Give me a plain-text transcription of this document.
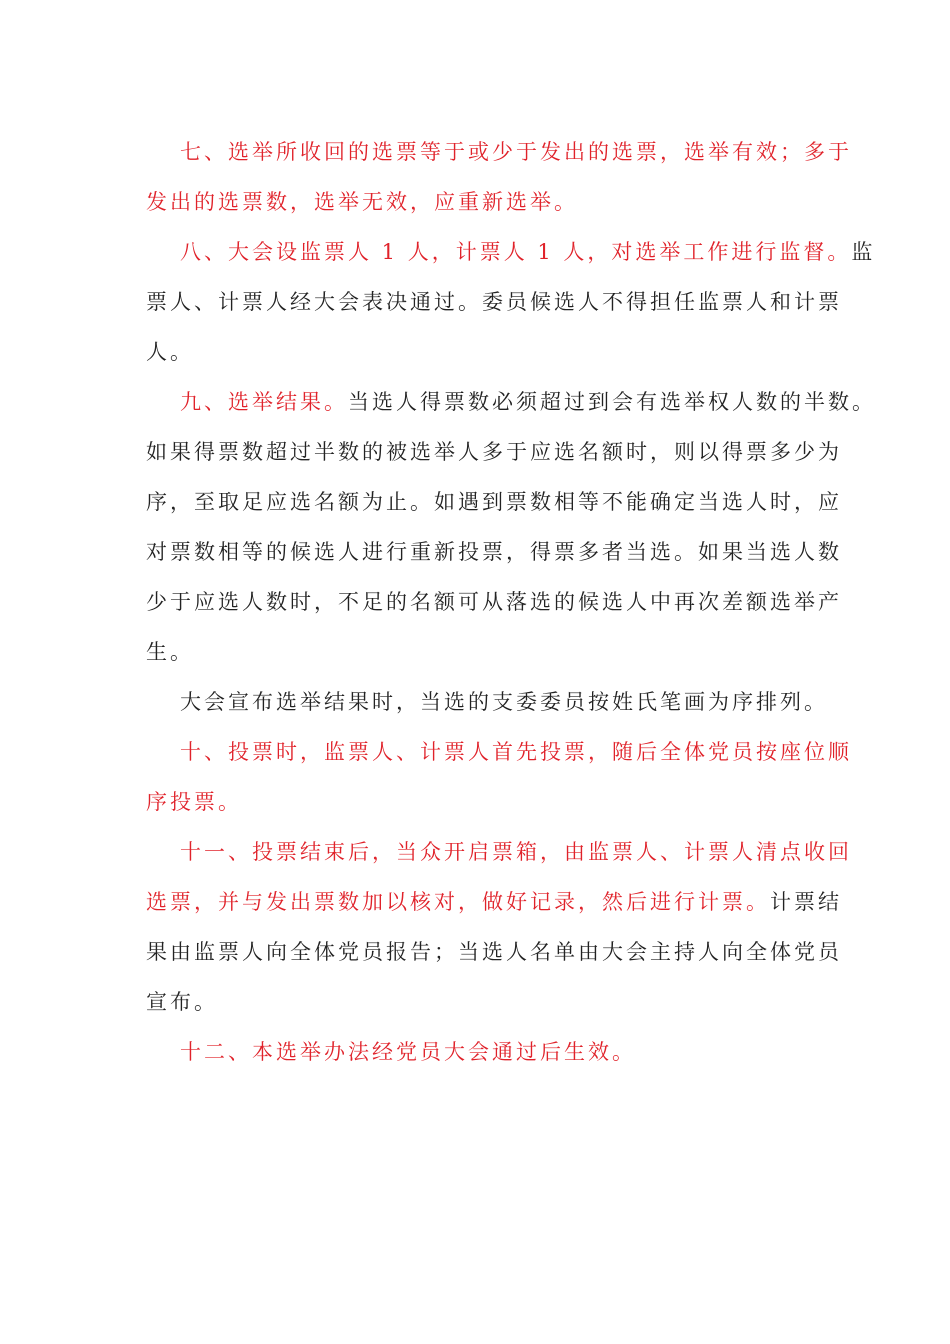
七、选举所收回的选票等于或少于发出的选票，选举有效；多于

发出的选票数，选举无效，应重新选举。

八、大会设监票人 1 人，计票人 1 人，对选举工作进行监督。监

票人、计票人经大会表决通过。委员候选人不得担任监票人和计票

人。

九、选举结果。当选人得票数必须超过到会有选举权人数的半数。

如果得票数超过半数的被选举人多于应选名额时，则以得票多少为

序，至取足应选名额为止。如遇到票数相等不能确定当选人时，应

对票数相等的候选人进行重新投票，得票多者当选。如果当选人数

少于应选人数时，不足的名额可从落选的候选人中再次差额选举产

生。

大会宣布选举结果时，当选的支委委员按姓氏笔画为序排列。

十、投票时，监票人、计票人首先投票，随后全体党员按座位顺

序投票。

十一、投票结束后，当众开启票箱，由监票人、计票人清点收回

选票，并与发出票数加以核对，做好记录，然后进行计票。计票结

果由监票人向全体党员报告；当选人名单由大会主持人向全体党员

宣布。

十二、本选举办法经党员大会通过后生效。
